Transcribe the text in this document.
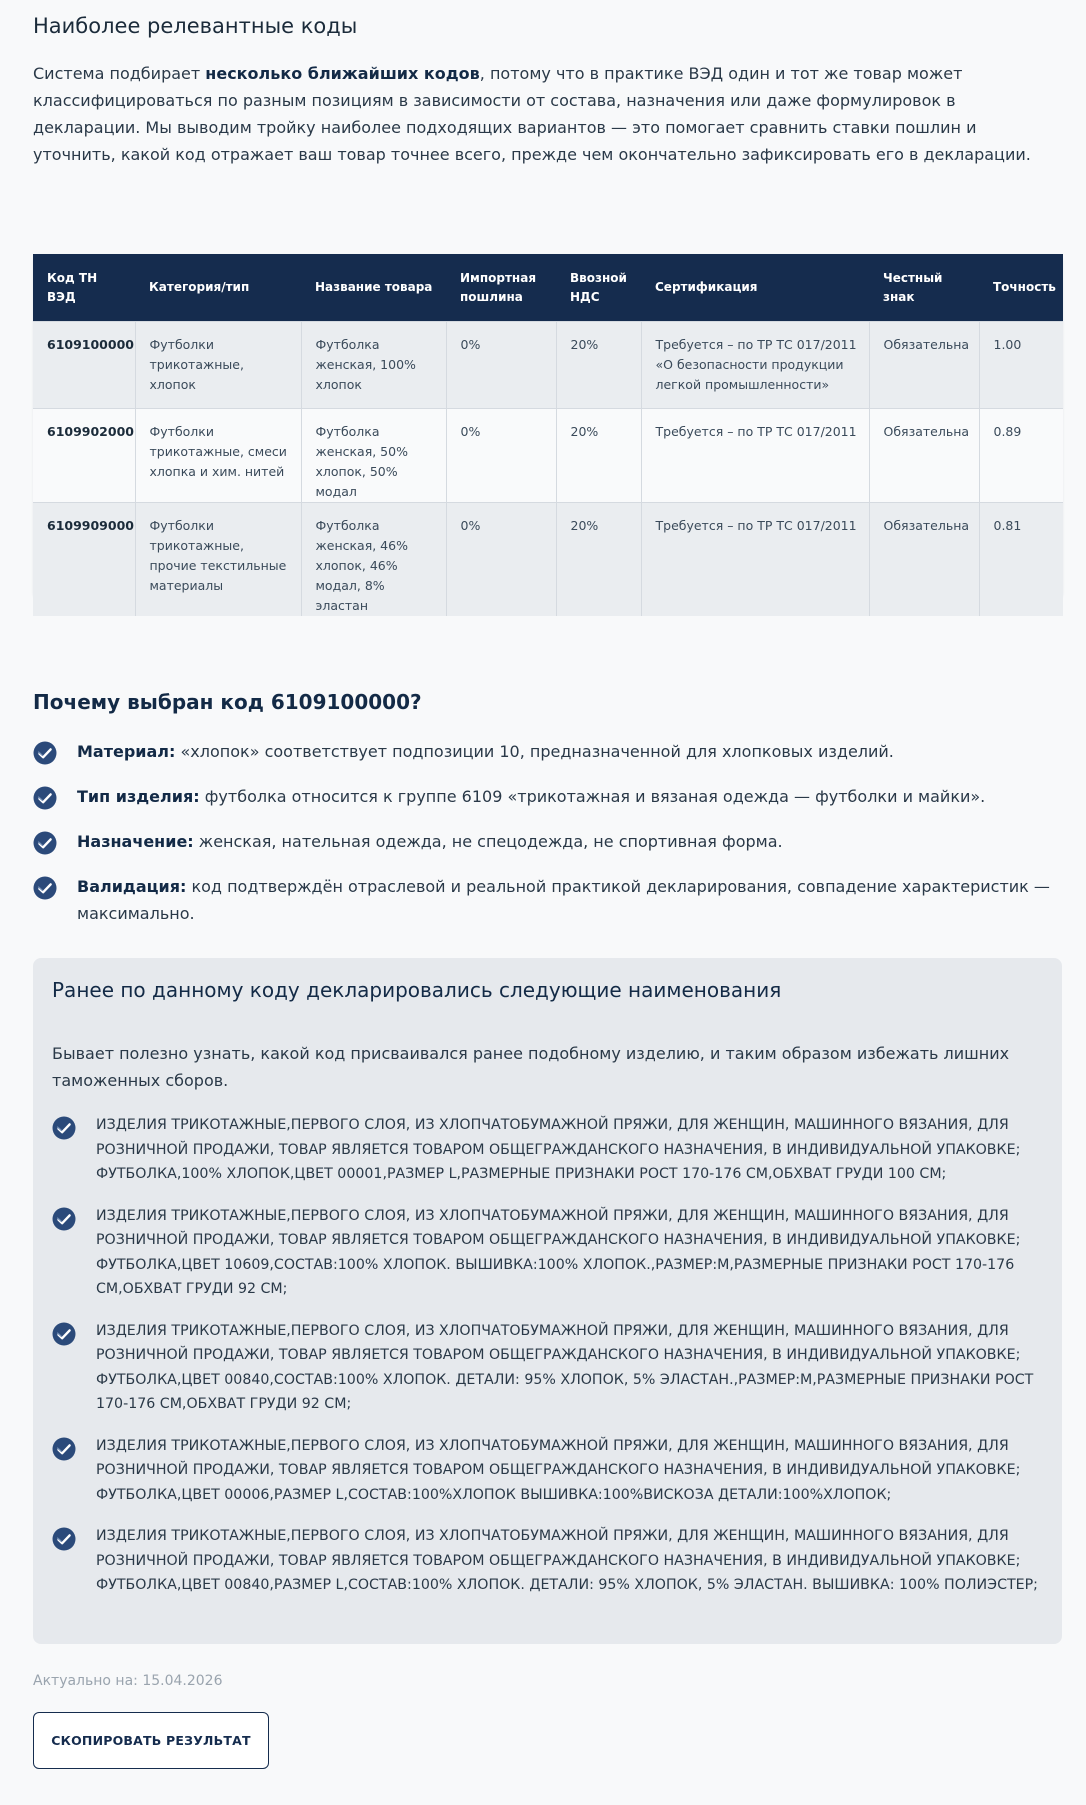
Наиболее релевантные коды

Система подбирает несколько ближайших кодов, потому что в практике ВЭД один и тот же товар может классифицироваться по разным позициям в зависимости от состава, назначения или даже формулировок в декларации. Мы выводим тройку наиболее подходящих вариантов — это помогает сравнить ставки пошлин и уточнить, какой код отражает ваш товар точнее всего, прежде чем окончательно зафиксировать его в декларации.

Код ТН ВЭД	Категория/тип	Название товара	Импортная пошлина	Ввозной НДС	Сертификация	Честный знак	Точность
6109100000	Футболки трикотажные, хлопок	Футболка женская, 100% хлопок	0%	20%	Требуется – по ТР ТС 017/2011 «О безопасности продукции легкой промышленности»	Обязательна	1.00
6109902000	Футболки трикотажные, смеси хлопка и хим. нитей	Футболка женская, 50% хлопок, 50% модал	0%	20%	Требуется – по ТР ТС 017/2011	Обязательна	0.89
6109909000	Футболки трикотажные, прочие текстильные материалы	Футболка женская, 46% хлопок, 46% модал, 8% эластан	0%	20%	Требуется – по ТР ТС 017/2011	Обязательна	0.81
Почему выбран код 6109100000?
Материал: «хлопок» соответствует подпозиции 10, предназначенной для хлопковых изделий.
Тип изделия: футболка относится к группе 6109 «трикотажная и вязаная одежда — футболки и майки».
Назначение: женская, нательная одежда, не спецодежда, не спортивная форма.
Валидация: код подтверждён отраслевой и реальной практикой декларирования, совпадение характеристик — максимально.
Ранее по данному коду декларировались следующие наименования

Бывает полезно узнать, какой код присваивался ранее подобному изделию, и таким образом избежать лишних таможенных сборов.

ИЗДЕЛИЯ ТРИКОТАЖНЫЕ,ПЕРВОГО СЛОЯ, ИЗ ХЛОПЧАТОБУМАЖНОЙ ПРЯЖИ, ДЛЯ ЖЕНЩИН, МАШИННОГО ВЯЗАНИЯ, ДЛЯ РОЗНИЧНОЙ ПРОДАЖИ, ТОВАР ЯВЛЯЕТСЯ ТОВАРОМ ОБЩЕГРАЖДАНСКОГО НАЗНАЧЕНИЯ, В ИНДИВИДУАЛЬНОЙ УПАКОВКЕ; ФУТБОЛКА,100% ХЛОПОК,ЦВЕТ 00001,РАЗМЕР L,РАЗМЕРНЫЕ ПРИЗНАКИ РОСТ 170-176 СМ,ОБХВАТ ГРУДИ 100 СМ;
ИЗДЕЛИЯ ТРИКОТАЖНЫЕ,ПЕРВОГО СЛОЯ, ИЗ ХЛОПЧАТОБУМАЖНОЙ ПРЯЖИ, ДЛЯ ЖЕНЩИН, МАШИННОГО ВЯЗАНИЯ, ДЛЯ РОЗНИЧНОЙ ПРОДАЖИ, ТОВАР ЯВЛЯЕТСЯ ТОВАРОМ ОБЩЕГРАЖДАНСКОГО НАЗНАЧЕНИЯ, В ИНДИВИДУАЛЬНОЙ УПАКОВКЕ; ФУТБОЛКА,ЦВЕТ 10609,СОСТАВ:100% ХЛОПОК. ВЫШИВКА:100% ХЛОПОК.,РАЗМЕР:M,РАЗМЕРНЫЕ ПРИЗНАКИ РОСТ 170-176 СМ,ОБХВАТ ГРУДИ 92 СМ;
ИЗДЕЛИЯ ТРИКОТАЖНЫЕ,ПЕРВОГО СЛОЯ, ИЗ ХЛОПЧАТОБУМАЖНОЙ ПРЯЖИ, ДЛЯ ЖЕНЩИН, МАШИННОГО ВЯЗАНИЯ, ДЛЯ РОЗНИЧНОЙ ПРОДАЖИ, ТОВАР ЯВЛЯЕТСЯ ТОВАРОМ ОБЩЕГРАЖДАНСКОГО НАЗНАЧЕНИЯ, В ИНДИВИДУАЛЬНОЙ УПАКОВКЕ; ФУТБОЛКА,ЦВЕТ 00840,СОСТАВ:100% ХЛОПОК. ДЕТАЛИ: 95% ХЛОПОК, 5% ЭЛАСТАН.,РАЗМЕР:M,РАЗМЕРНЫЕ ПРИЗНАКИ РОСТ 170-176 СМ,ОБХВАТ ГРУДИ 92 СМ;
ИЗДЕЛИЯ ТРИКОТАЖНЫЕ,ПЕРВОГО СЛОЯ, ИЗ ХЛОПЧАТОБУМАЖНОЙ ПРЯЖИ, ДЛЯ ЖЕНЩИН, МАШИННОГО ВЯЗАНИЯ, ДЛЯ РОЗНИЧНОЙ ПРОДАЖИ, ТОВАР ЯВЛЯЕТСЯ ТОВАРОМ ОБЩЕГРАЖДАНСКОГО НАЗНАЧЕНИЯ, В ИНДИВИДУАЛЬНОЙ УПАКОВКЕ; ФУТБОЛКА,ЦВЕТ 00006,РАЗМЕР L,СОСТАВ:100%ХЛОПОК ВЫШИВКА:100%ВИСКОЗА ДЕТАЛИ:100%ХЛОПОК;
ИЗДЕЛИЯ ТРИКОТАЖНЫЕ,ПЕРВОГО СЛОЯ, ИЗ ХЛОПЧАТОБУМАЖНОЙ ПРЯЖИ, ДЛЯ ЖЕНЩИН, МАШИННОГО ВЯЗАНИЯ, ДЛЯ РОЗНИЧНОЙ ПРОДАЖИ, ТОВАР ЯВЛЯЕТСЯ ТОВАРОМ ОБЩЕГРАЖДАНСКОГО НАЗНАЧЕНИЯ, В ИНДИВИДУАЛЬНОЙ УПАКОВКЕ; ФУТБОЛКА,ЦВЕТ 00840,РАЗМЕР L,СОСТАВ:100% ХЛОПОК. ДЕТАЛИ: 95% ХЛОПОК, 5% ЭЛАСТАН. ВЫШИВКА: 100% ПОЛИЭСТЕР;

Актуально на: 15.04.2026

СКОПИРОВАТЬ РЕЗУЛЬТАТ
